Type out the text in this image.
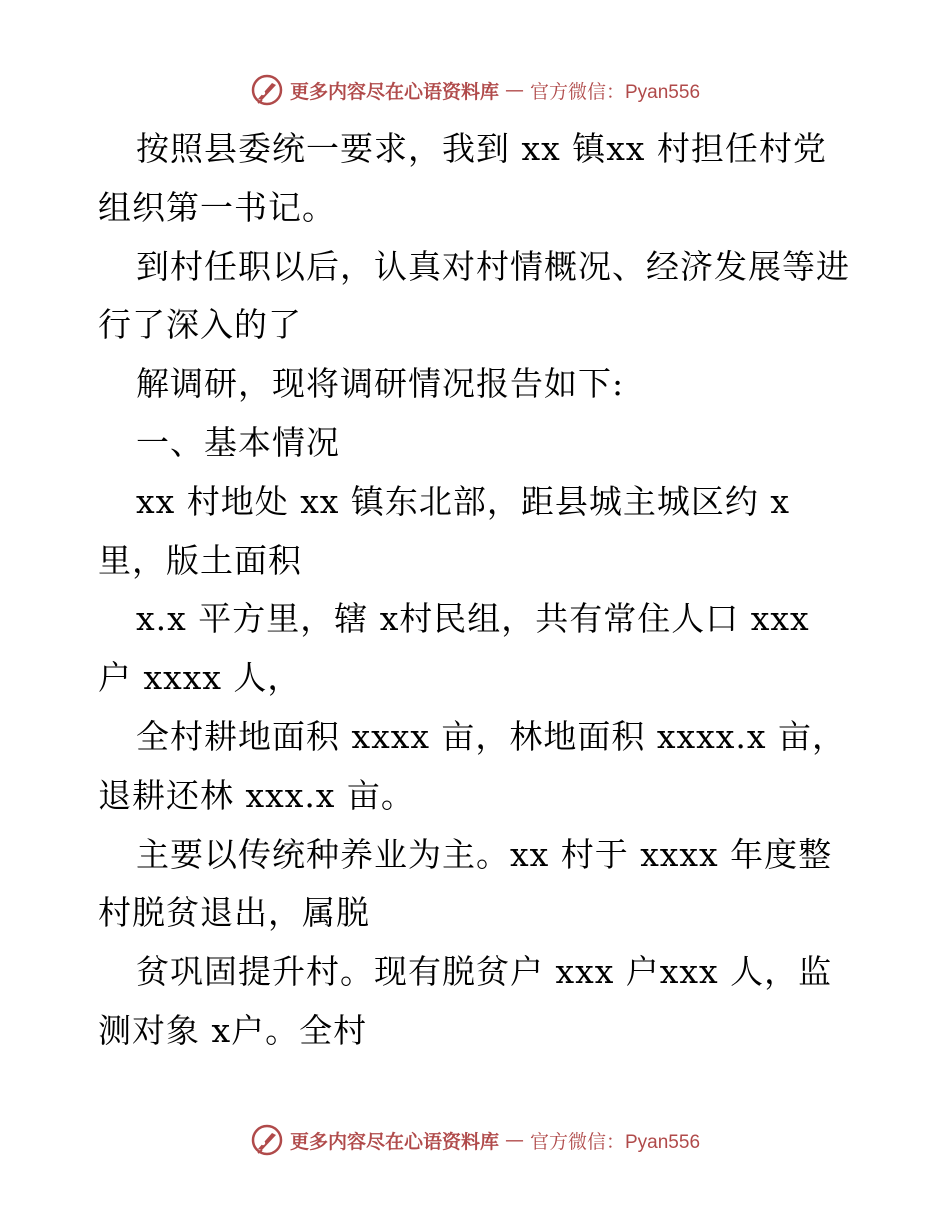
更多内容尽在心语资料库 — 官方微信：Pyan556
按照县委统一要求，我到 xx 镇xx 村担任村党
组织第一书记。
到村任职以后，认真对村情概况、经济发展等进
行了深入的了
解调研，现将调研情况报告如下:
一、基本情况
xx 村地处 xx 镇东北部，距县城主城区约 x
里，版土面积
x.x 平方里，辖 x村民组，共有常住人口 xxx
户 xxxx 人，
全村耕地面积 xxxx 亩，林地面积 xxxx.x 亩，
退耕还林 xxx.x 亩。
主要以传统种养业为主。xx 村于 xxxx 年度整
村脱贫退出，属脱
贫巩固提升村。现有脱贫户 xxx 户xxx 人，监
测对象 x户。全村
更多内容尽在心语资料库 — 官方微信：Pyan556
